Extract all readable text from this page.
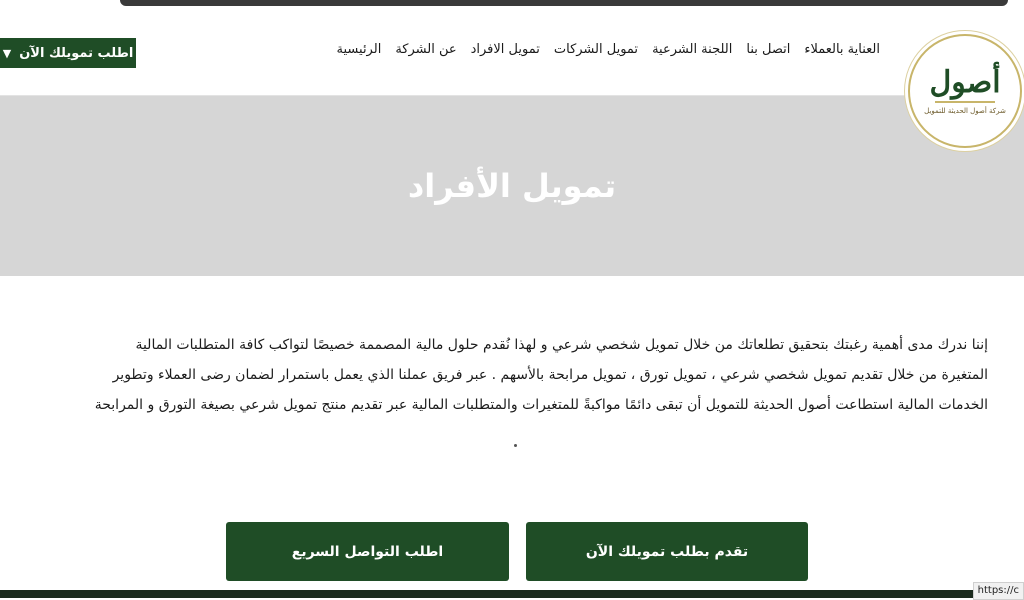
اطلب تمويلك الآن
▼	الرئيسية عن الشركة تمويل الافراد تمويل الشركات اللجنة الشرعية اتصل بنا العناية بالعملاء
أصول
شركة أصول الحديثة للتمويل
تمويل الأفراد

إننا ندرك مدى أهمية رغبتك بتحقيق تطلعاتك من خلال تمويل شخصي شرعي و لهذا نُقدم حلول مالية المصممة خصيصًا لتواكب كافة المتطلبات المالية

المتغيرة من خلال تقديم تمويل شخصي شرعي ، تمويل تورق ، تمويل مرابحة بالأسهم . عبر فريق عملنا الذي يعمل باستمرار لضمان رضى العملاء وتطوير

الخدمات المالية استطاعت أصول الحديثة للتمويل أن تبقى دائمًا مواكبةً للمتغيرات والمتطلبات المالية عبر تقديم منتج تمويل شرعي بصيغة التورق و المرابحة

تقدم بطلب تمويلك الآن
اطلب التواصل السريع
https://c
